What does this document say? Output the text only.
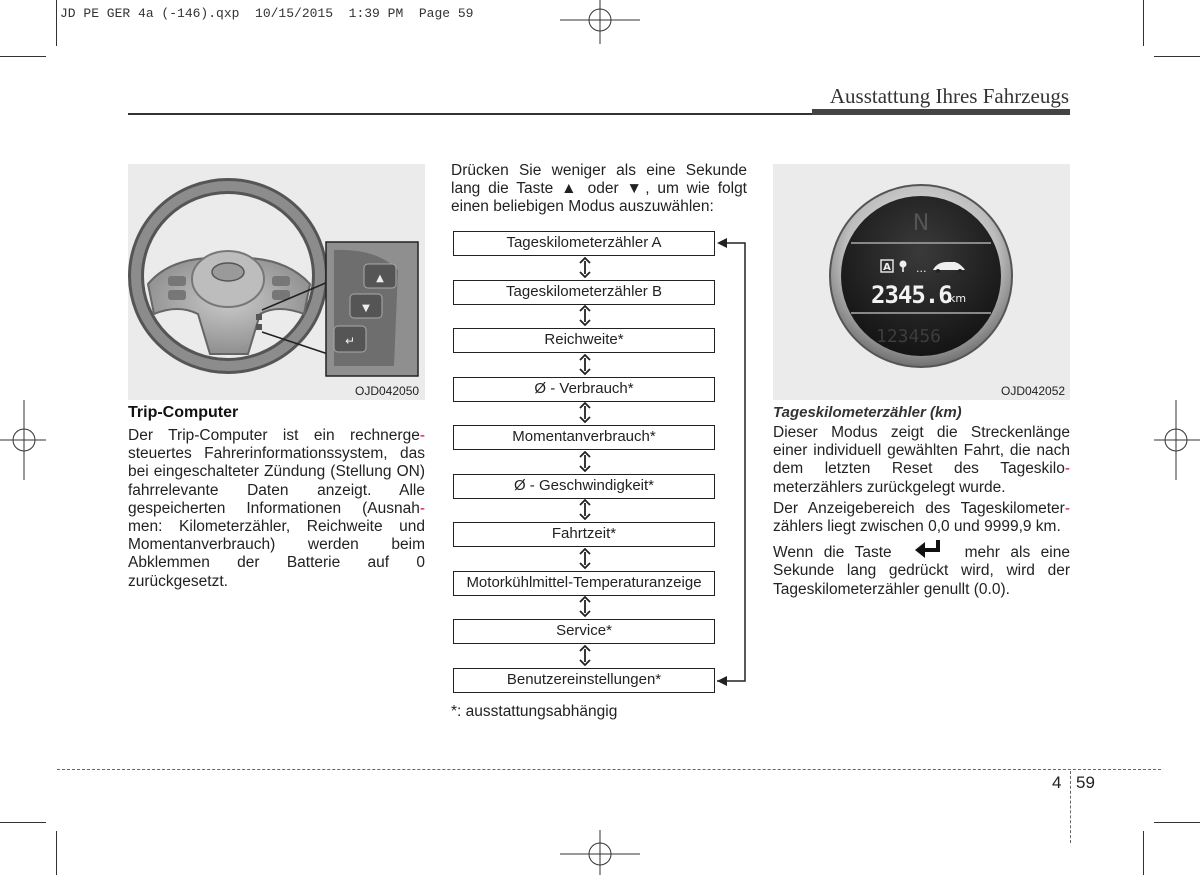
JD PE GER 4a (-146).qxp  10/15/2015  1:39 PM  Page 59
Ausstattung Ihres Fahrzeugs
▲
▼
↵
OJD042050
Trip-Computer

Der Trip-Computer ist ein rechnerge- steuertes Fahrerinformationssystem, das bei eingeschalteter Zündung (Stellung ON) fahrrelevante Daten anzeigt. Alle gespeicherten Informationen (Ausnah- men: Kilometerzähler, Reichweite und Momentanverbrauch) werden beim Abklemmen der Batterie auf 0 zurückgesetzt.

Drücken Sie weniger als eine Sekunde lang die Taste ▲ oder ▼, um wie folgt einen beliebigen Modus auszuwählen:
Tageskilometerzähler A
Tageskilometerzähler B
Reichweite*
Ø - Verbrauch*
Momentanverbrauch*
Ø - Geschwindigkeit*
Fahrtzeit*
Motorkühlmittel-Temperaturanzeige
Service*
Benutzereinstellungen*
*: ausstattungsabhängig
N
A ...
2345.6
km
123456
OJD042052
Tageskilometerzähler (km)

Dieser Modus zeigt die Streckenlänge einer individuell gewählten Fahrt, die nach dem letzten Reset des Tageskilo- meterzählers zurückgelegt wurde.

Der Anzeigebereich des Tageskilometer- zählers liegt zwischen 0,0 und 9999,9 km.

Wenn die Taste	mehr als eine Sekunde lang gedrückt wird, wird der Tageskilometerzähler genullt (0.0).

4 59
